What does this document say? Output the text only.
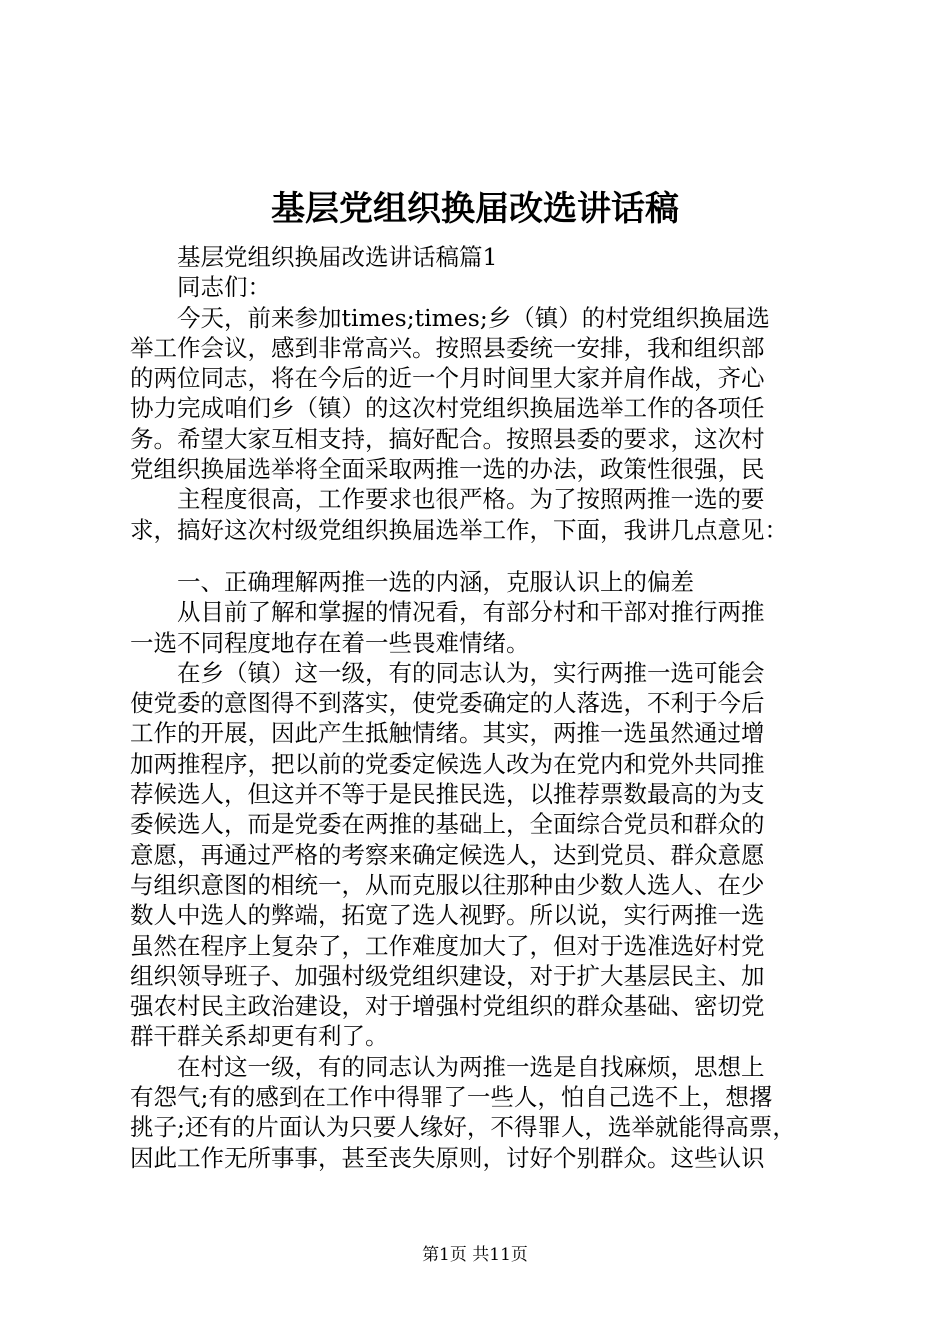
基层党组织换届改选讲话稿
　　基层党组织换届改选讲话稿篇1
　　同志们：
　　今天，前来参加times;times;乡（镇）的村党组织换届选
举工作会议，感到非常高兴。按照县委统一安排，我和组织部
的两位同志，将在今后的近一个月时间里大家并肩作战，齐心
协力完成咱们乡（镇）的这次村党组织换届选举工作的各项任
务。希望大家互相支持，搞好配合。按照县委的要求，这次村
党组织换届选举将全面采取两推一选的办法，政策性很强，民
　　主程度很高，工作要求也很严格。为了按照两推一选的要
求，搞好这次村级党组织换届选举工作，下面，我讲几点意见：
　　一、正确理解两推一选的内涵，克服认识上的偏差
　　从目前了解和掌握的情况看，有部分村和干部对推行两推
一选不同程度地存在着一些畏难情绪。
　　在乡（镇）这一级，有的同志认为，实行两推一选可能会
使党委的意图得不到落实，使党委确定的人落选，不利于今后
工作的开展，因此产生抵触情绪。其实，两推一选虽然通过增
加两推程序，把以前的党委定候选人改为在党内和党外共同推
荐候选人，但这并不等于是民推民选，以推荐票数最高的为支
委候选人，而是党委在两推的基础上，全面综合党员和群众的
意愿，再通过严格的考察来确定候选人，达到党员、群众意愿
与组织意图的相统一，从而克服以往那种由少数人选人、在少
数人中选人的弊端，拓宽了选人视野。所以说，实行两推一选
虽然在程序上复杂了，工作难度加大了，但对于选准选好村党
组织领导班子、加强村级党组织建设，对于扩大基层民主、加
强农村民主政治建设，对于增强村党组织的群众基础、密切党
群干群关系却更有利了。
　　在村这一级，有的同志认为两推一选是自找麻烦，思想上
有怨气;有的感到在工作中得罪了一些人，怕自己选不上，想撂
挑子;还有的片面认为只要人缘好，不得罪人，选举就能得高票，
因此工作无所事事，甚至丧失原则，讨好个别群众。这些认识
第1页 共11页
